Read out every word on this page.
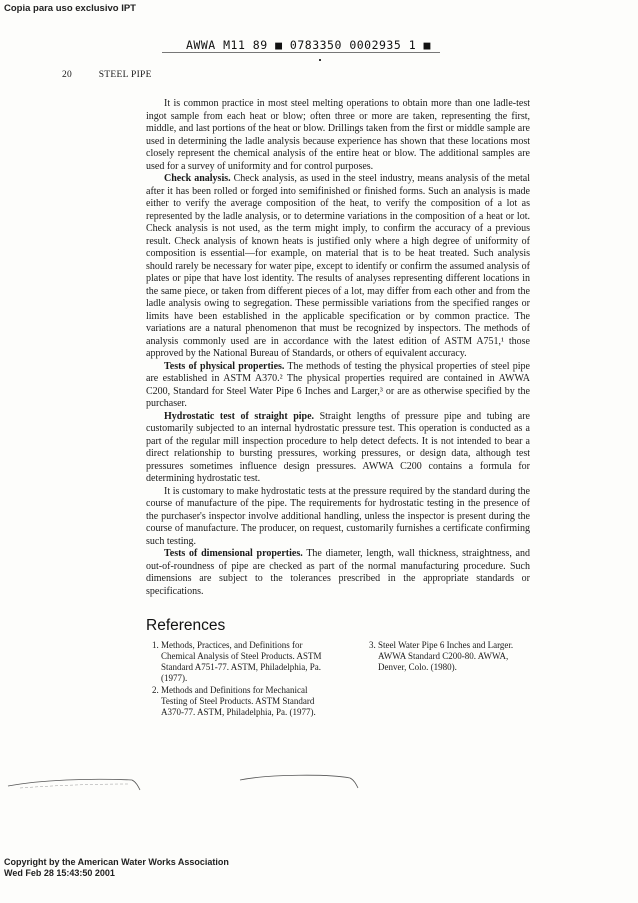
Copia para uso exclusivo IPT
AWWA M11 89 ■ 0783350 0002935 1 ■
20	STEEL PIPE

It is common practice in most steel melting operations to obtain more than one ladle-test ingot sample from each heat or blow; often three or more are taken, representing the first, middle, and last portions of the heat or blow. Drillings taken from the first or middle sample are used in determining the ladle analysis because experience has shown that these locations most closely represent the chemical analysis of the entire heat or blow. The additional samples are used for a survey of uniformity and for control purposes.

Check analysis. Check analysis, as used in the steel industry, means analysis of the metal after it has been rolled or forged into semifinished or finished forms. Such an analysis is made either to verify the average composition of the heat, to verify the composition of a lot as represented by the ladle analysis, or to determine variations in the composition of a heat or lot. Check analysis is not used, as the term might imply, to confirm the accuracy of a previous result. Check analysis of known heats is justified only where a high degree of uniformity of composition is essential—for example, on material that is to be heat treated. Such analysis should rarely be necessary for water pipe, except to identify or confirm the assumed analysis of plates or pipe that have lost identity. The results of analyses representing different locations in the same piece, or taken from different pieces of a lot, may differ from each other and from the ladle analysis owing to segregation. These permissible variations from the specified ranges or limits have been established in the applicable specification or by common practice. The variations are a natural phenomenon that must be recognized by inspectors. The methods of analysis commonly used are in accordance with the latest edition of ASTM A751,¹ those approved by the National Bureau of Standards, or others of equivalent accuracy.

Tests of physical properties. The methods of testing the physical properties of steel pipe are established in ASTM A370.² The physical properties required are contained in AWWA C200, Standard for Steel Water Pipe 6 Inches and Larger,³ or are as otherwise specified by the purchaser.

Hydrostatic test of straight pipe. Straight lengths of pressure pipe and tubing are customarily subjected to an internal hydrostatic pressure test. This operation is conducted as a part of the regular mill inspection procedure to help detect defects. It is not intended to bear a direct relationship to bursting pressures, working pressures, or design data, although test pressures sometimes influence design pressures. AWWA C200 contains a formula for determining hydrostatic test.

It is customary to make hydrostatic tests at the pressure required by the standard during the course of manufacture of the pipe. The requirements for hydrostatic testing in the presence of the purchaser's inspector involve additional handling, unless the inspector is present during the course of manufacture. The producer, on request, customarily furnishes a certificate confirming such testing.

Tests of dimensional properties. The diameter, length, wall thickness, straightness, and out-of-roundness of pipe are checked as part of the normal manufacturing procedure. Such dimensions are subject to the tolerances prescribed in the appropriate standards or specifications.

References
1. Methods, Practices, and Definitions for Chemical Analysis of Steel Products. ASTM Standard A751-77. ASTM, Philadelphia, Pa. (1977).
2. Methods and Definitions for Mechanical Testing of Steel Products. ASTM Standard A370-77. ASTM, Philadelphia, Pa. (1977).
3. Steel Water Pipe 6 Inches and Larger. AWWA Standard C200-80. AWWA, Denver, Colo. (1980).
Copyright by the American Water Works Association
Wed Feb 28 15:43:50 2001
